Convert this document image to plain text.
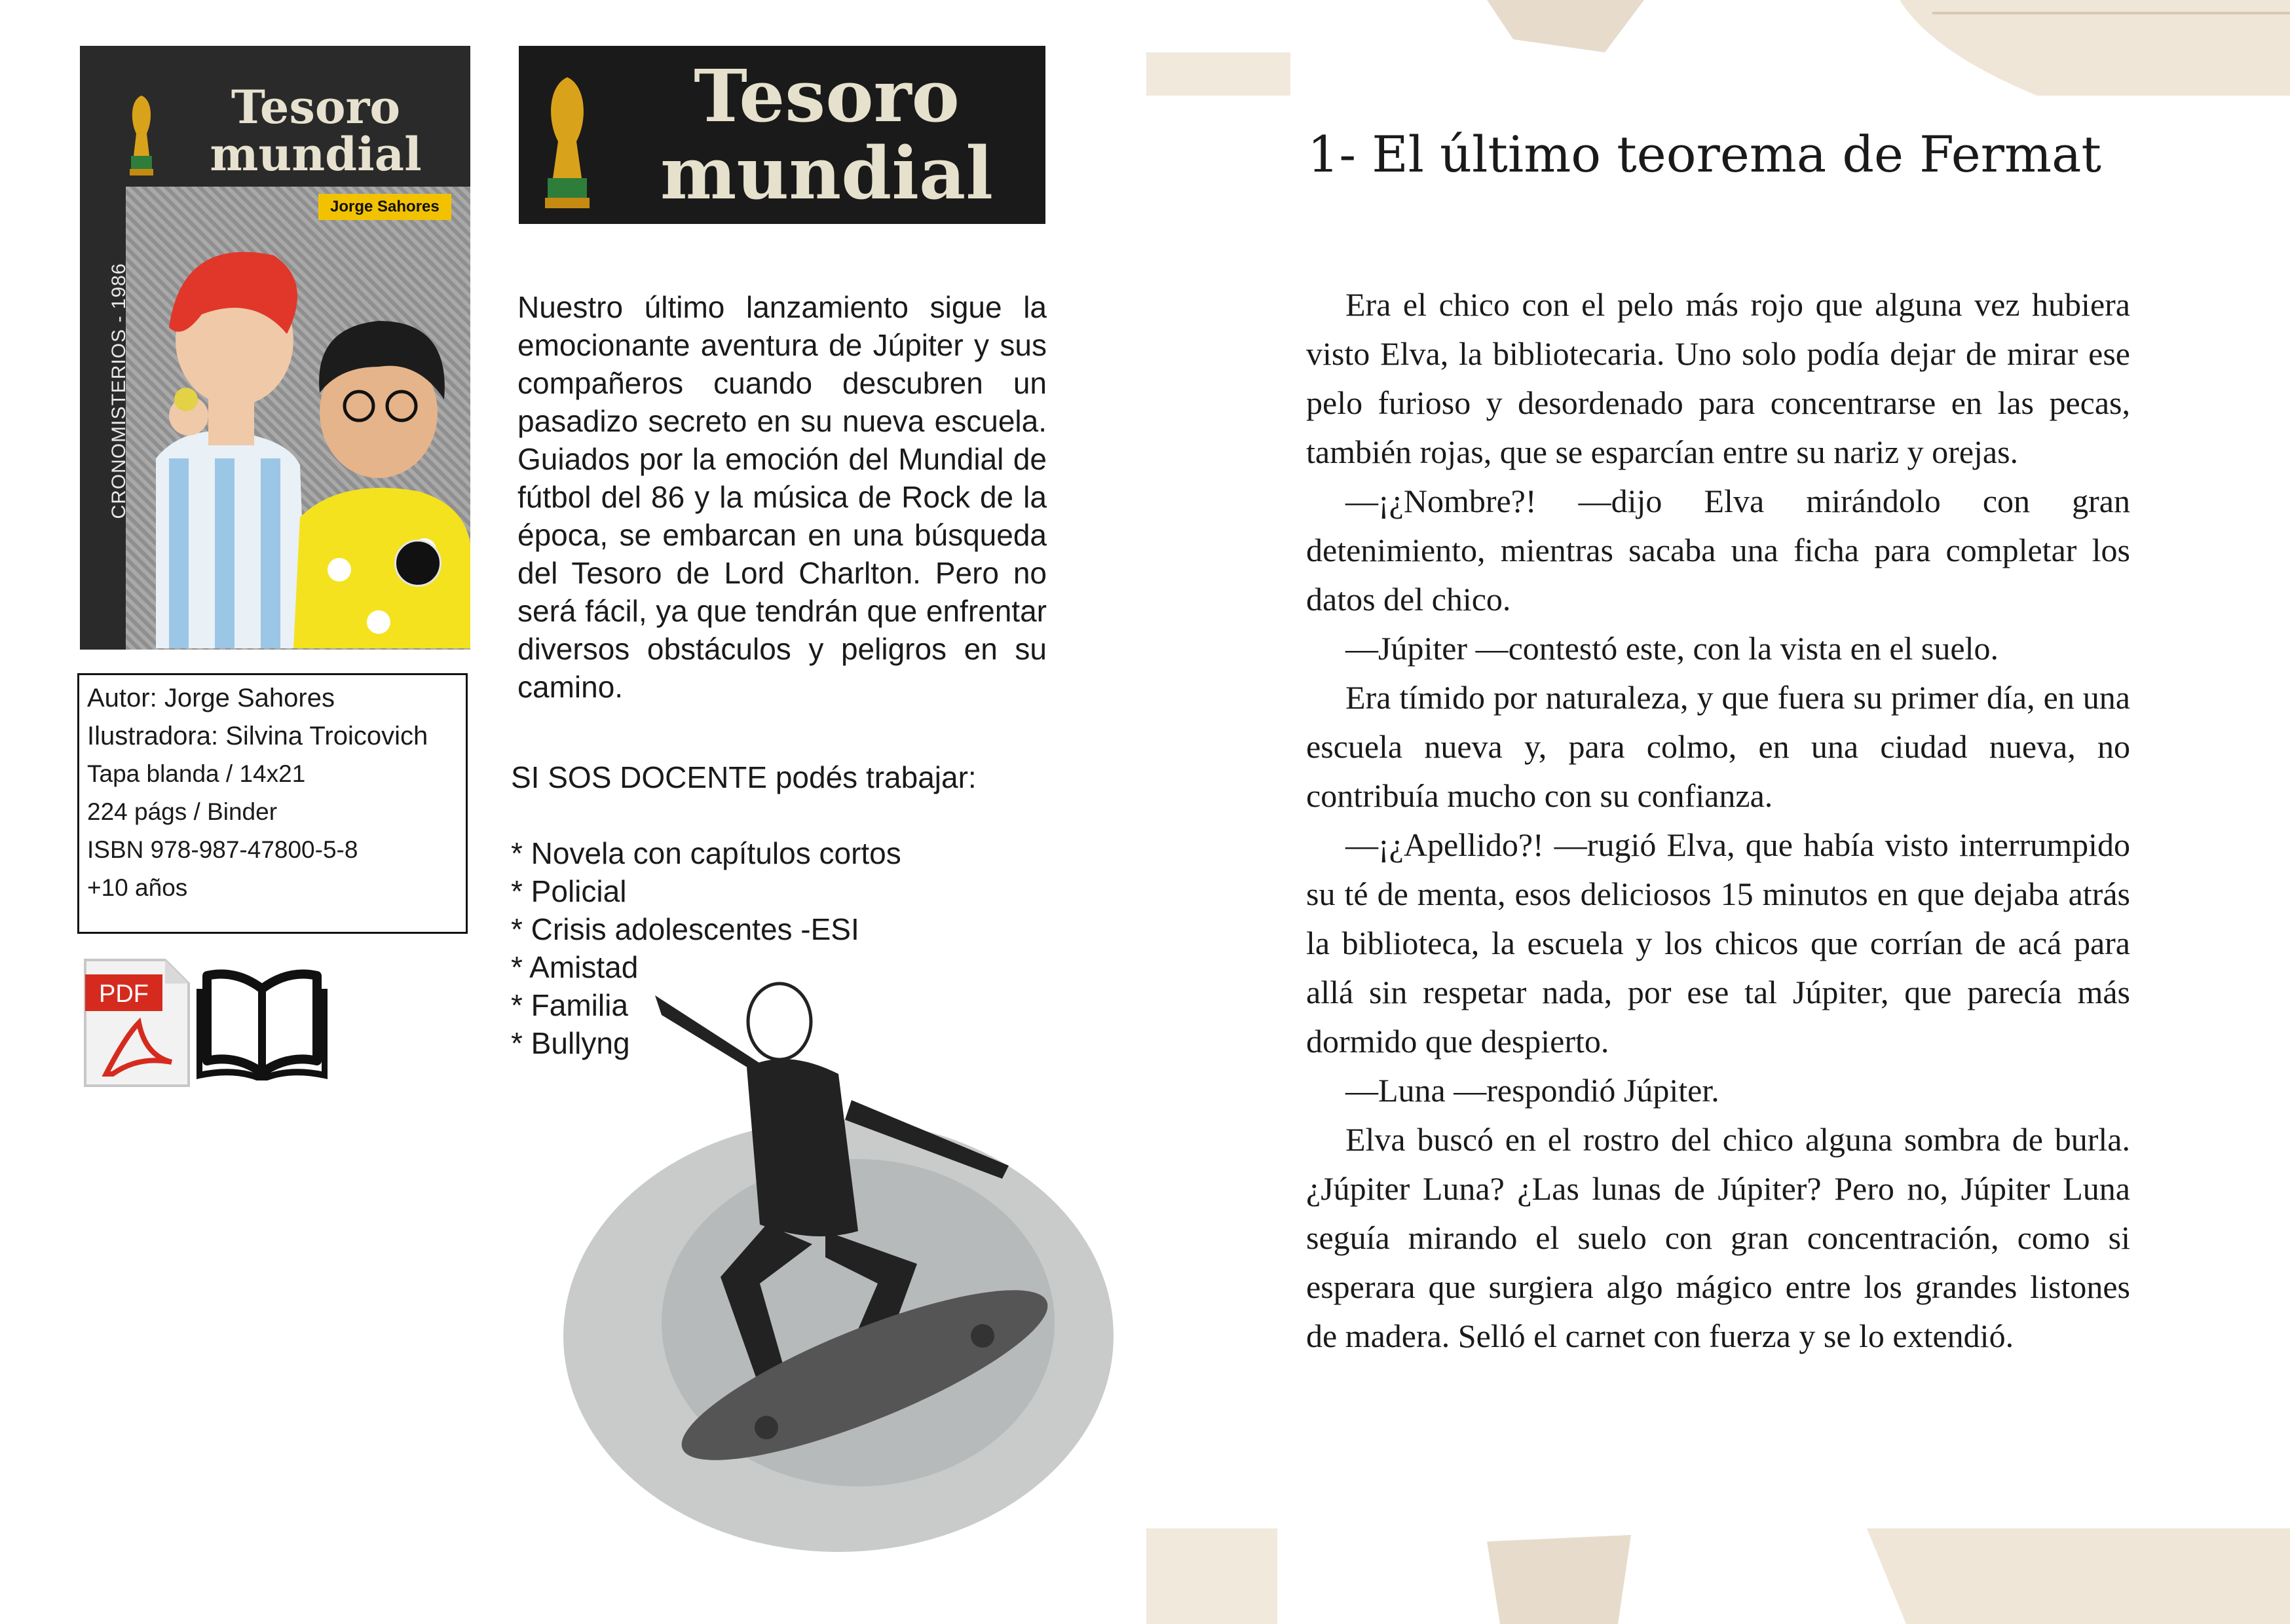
Tesoro
mundial
Jorge Sahores
CRONOMISTERIOS - 1986
Autor: Jorge Sahores
Ilustradora: Silvina Troicovich
Tapa blanda / 14x21
224 págs / Binder
ISBN 978-987-47800-5-8
+10 años
PDF
Tesoro
mundial
Nuestro último lanzamiento sigue la emocionante aventura de Júpiter y sus compañeros cuando descubren un pasadizo secreto en su nueva escuela. Guiados por la emoción del Mundial de fútbol del 86 y la música de Rock de la época, se embarcan en una búsqueda del Tesoro de Lord Charlton. Pero no será fácil, ya que tendrán que enfrentar diversos obstáculos y peligros en su camino.
SI SOS DOCENTE podés trabajar:
* Novela con capítulos cortos
* Policial
* Crisis adolescentes -ESI
* Amistad
* Familia
* Bullyng
1- El último teorema de Fermat

Era el chico con el pelo más rojo que alguna vez hubiera visto Elva, la bibliotecaria. Uno solo podía dejar de mirar ese pelo furioso y desordenado para concentrarse en las pecas, también rojas, que se esparcían entre su nariz y orejas.

—¡¿Nombre?! —dijo Elva mirándolo con gran detenimiento, mientras sacaba una ficha para completar los datos del chico.

—Júpiter —contestó este, con la vista en el suelo.

Era tímido por naturaleza, y que fuera su primer día, en una escuela nueva y, para colmo, en una ciudad nueva, no contribuía mucho con su confianza.

—¡¿Apellido?! —rugió Elva, que había visto interrumpido su té de menta, esos deliciosos 15 minutos en que dejaba atrás la biblioteca, la escuela y los chicos que corrían de acá para allá sin respetar nada, por ese tal Júpiter, que parecía más dormido que despierto.

—Luna —respondió Júpiter.

Elva buscó en el rostro del chico alguna sombra de burla. ¿Júpiter Luna? ¿Las lunas de Júpiter? Pero no, Júpiter Luna seguía mirando el suelo con gran concentración, como si esperara que surgiera algo mágico entre los grandes listones de madera. Selló el carnet con fuerza y se lo extendió.
